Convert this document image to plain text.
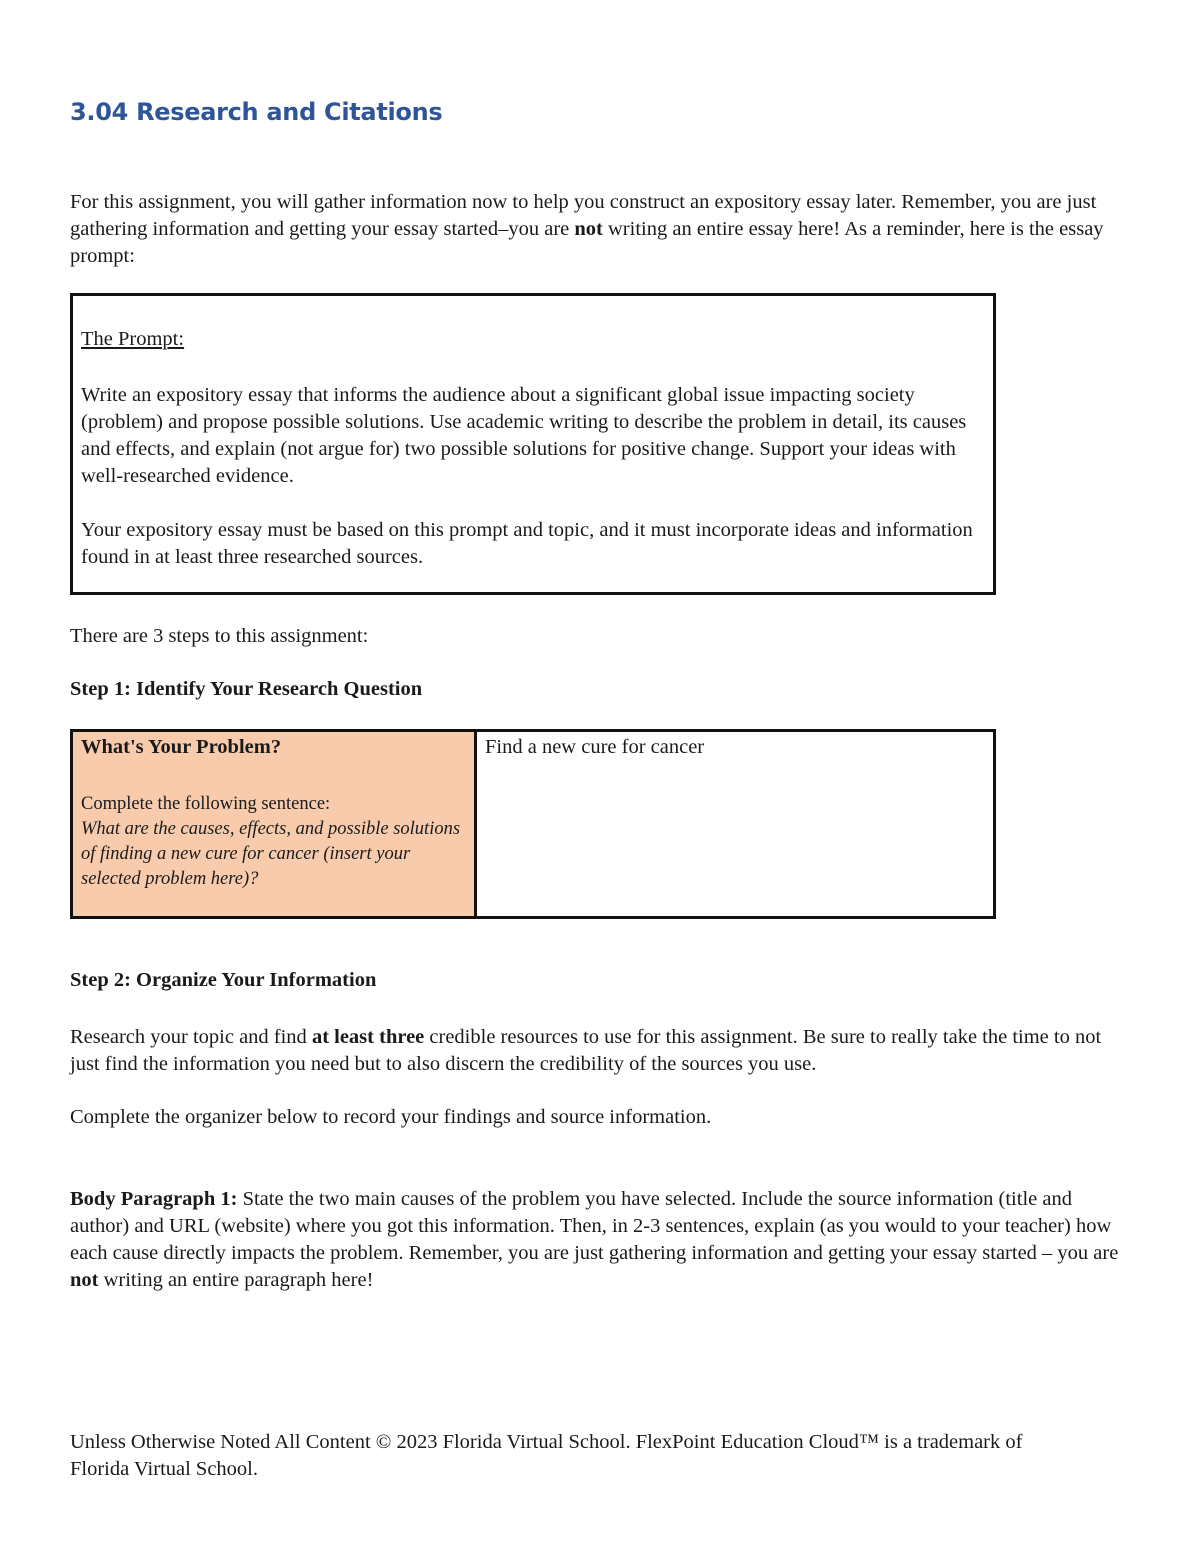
3.04 Research and Citations

For this assignment, you will gather information now to help you construct an expository essay later. Remember, you are just gathering information and getting your essay started–you are not writing an entire essay here! As a reminder, here is the essay prompt:

The Prompt:

Write an expository essay that informs the audience about a significant global issue impacting society (problem) and propose possible solutions. Use academic writing to describe the problem in detail, its causes and effects, and explain (not argue for) two possible solutions for positive change. Support your ideas with well-researched evidence.

Your expository essay must be based on this prompt and topic, and it must incorporate ideas and information found in at least three researched sources.

There are 3 steps to this assignment:

Step 1: Identify Your Research Question

What's Your Problem?

Complete the following sentence:
What are the causes, effects, and possible solutions of finding a new cure for cancer (insert your selected problem here)?

Find a new cure for cancer

Step 2: Organize Your Information

Research your topic and find at least three credible resources to use for this assignment. Be sure to really take the time to not just find the information you need but to also discern the credibility of the sources you use.

Complete the organizer below to record your findings and source information.

Body Paragraph 1: State the two main causes of the problem you have selected. Include the source information (title and author) and URL (website) where you got this information. Then, in 2-3 sentences, explain (as you would to your teacher) how each cause directly impacts the problem. Remember, you are just gathering information and getting your essay started – you are not writing an entire paragraph here!

Unless Otherwise Noted All Content © 2023 Florida Virtual School. FlexPoint Education Cloud™ is a trademark of Florida Virtual School.
